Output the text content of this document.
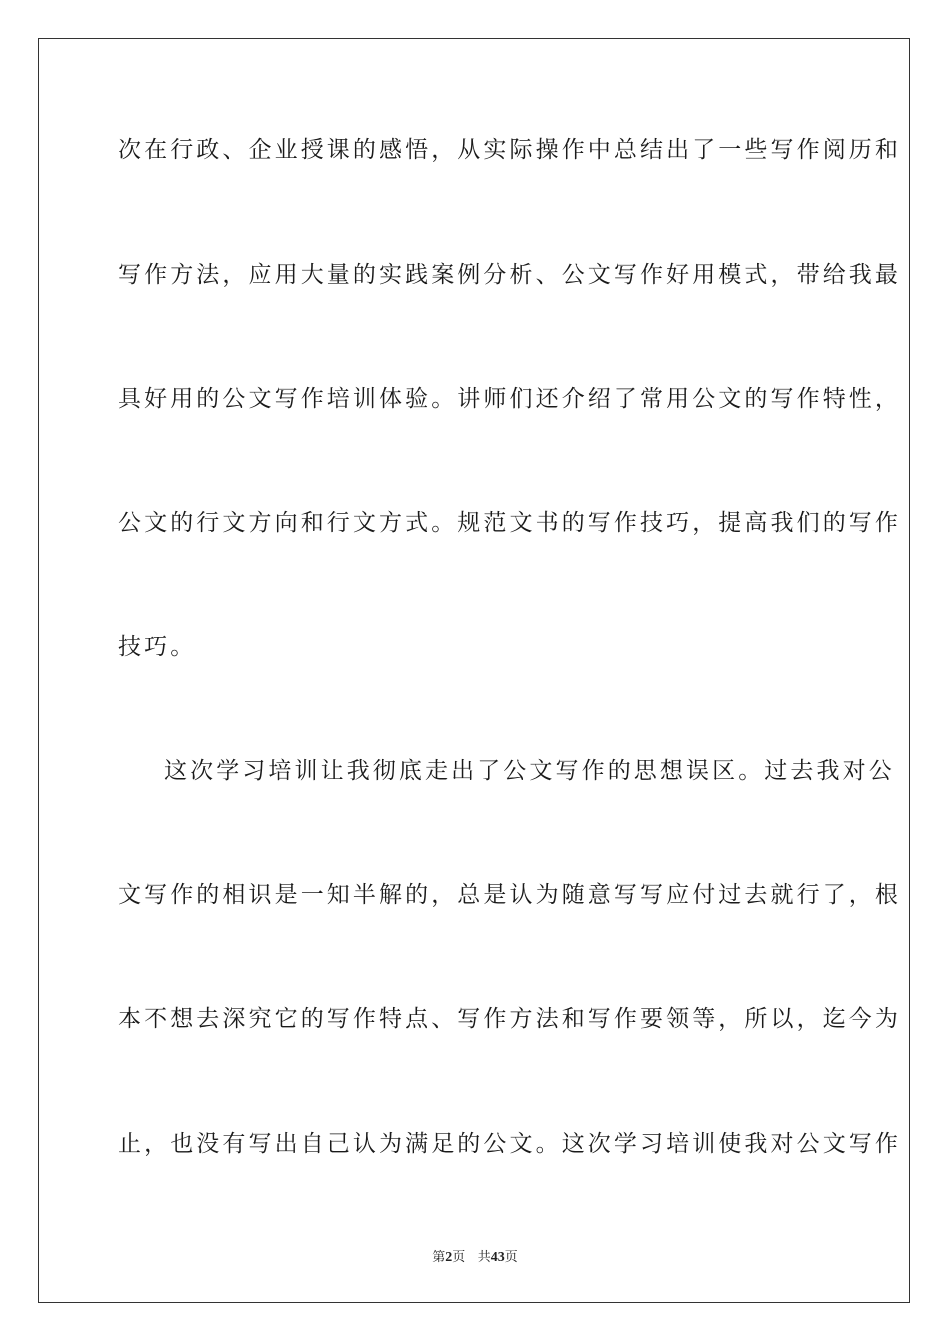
次在行政、企业授课的感悟，从实际操作中总结出了一些写作阅历和
写作方法，应用大量的实践案例分析、公文写作好用模式，带给我最
具好用的公文写作培训体验。讲师们还介绍了常用公文的写作特性，
公文的行文方向和行文方式。规范文书的写作技巧，提高我们的写作
技巧。
这次学习培训让我彻底走出了公文写作的思想误区。过去我对公
文写作的相识是一知半解的，总是认为随意写写应付过去就行了，根
本不想去深究它的写作特点、写作方法和写作要领等，所以，迄今为
止，也没有写出自己认为满足的公文。这次学习培训使我对公文写作
第2页 共43页
